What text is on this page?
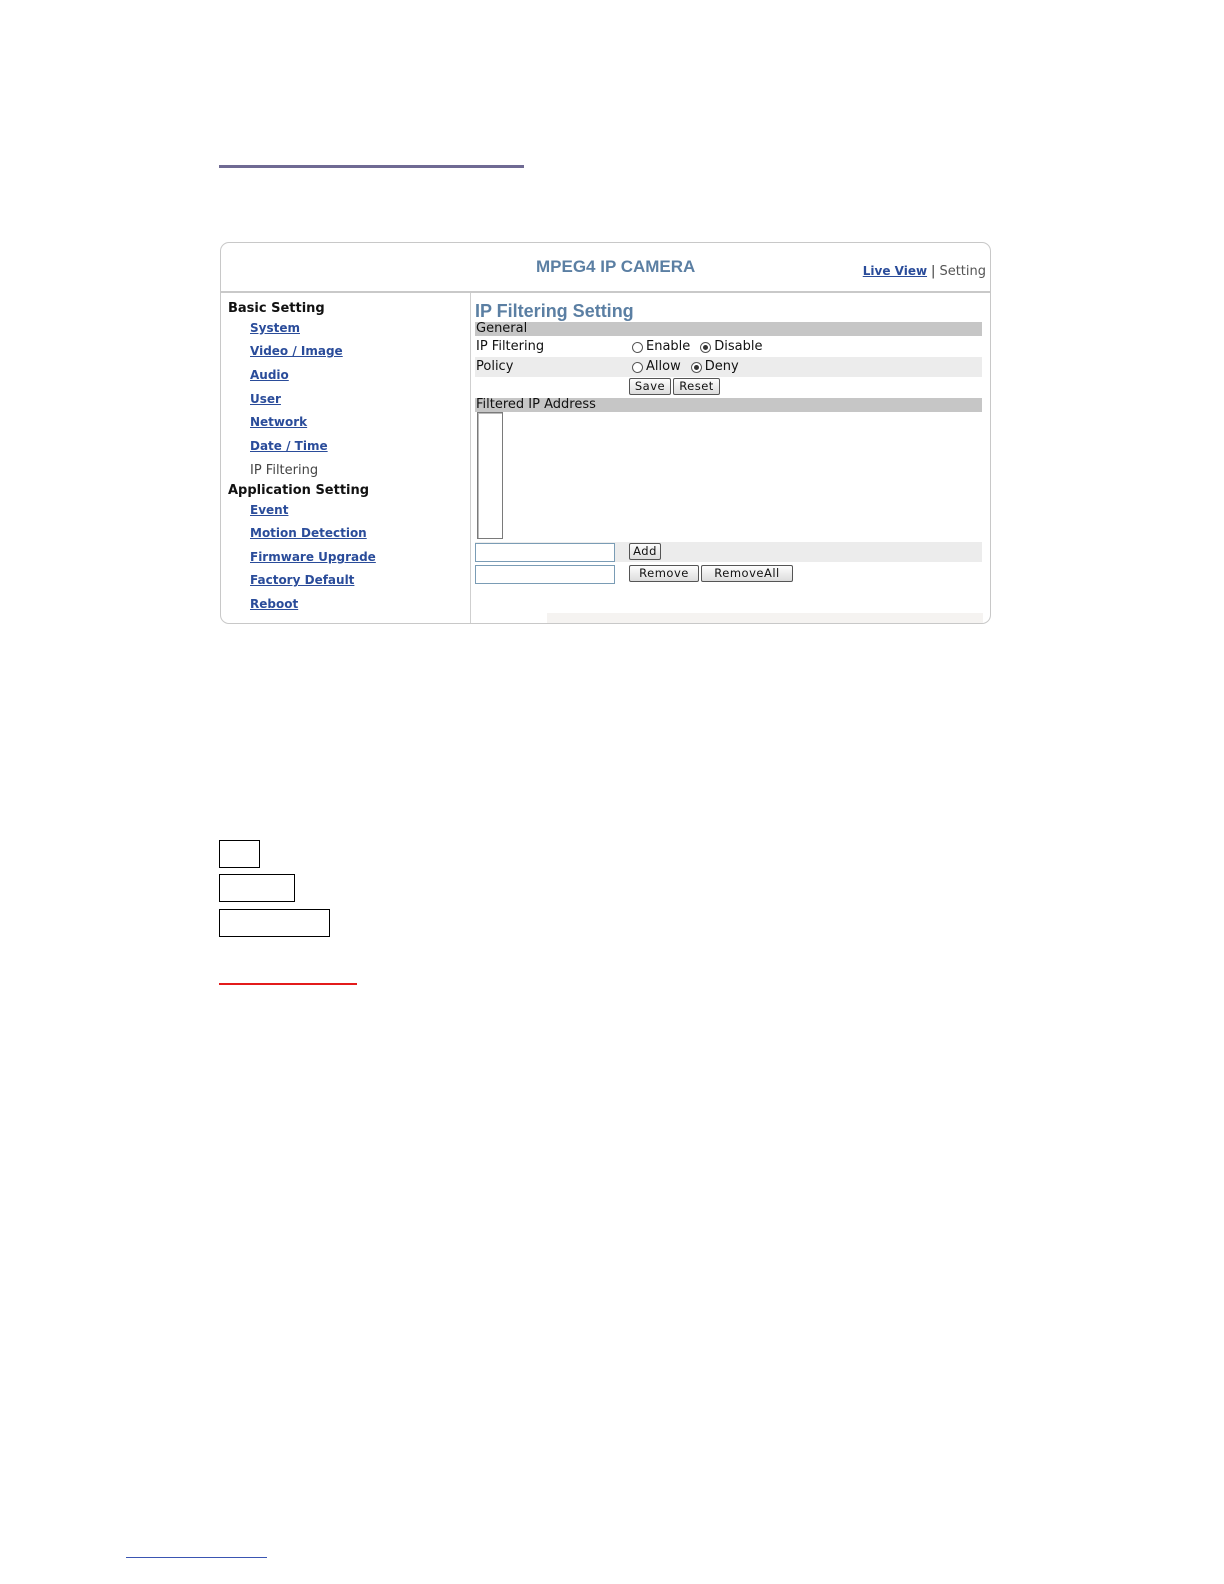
MPEG4 IP CAMERA	Live View | Setting
Basic Setting
System
Video / Image
Audio
User
Network
Date / Time
IP Filtering
Application Setting
Event
Motion Detection
Firmware Upgrade
Factory Default
Reboot
IP Filtering Setting
General
IP Filtering	Enable Disable
Policy	Allow Deny
Save	Reset
Filtered IP Address
Add
Remove	RemoveAll
